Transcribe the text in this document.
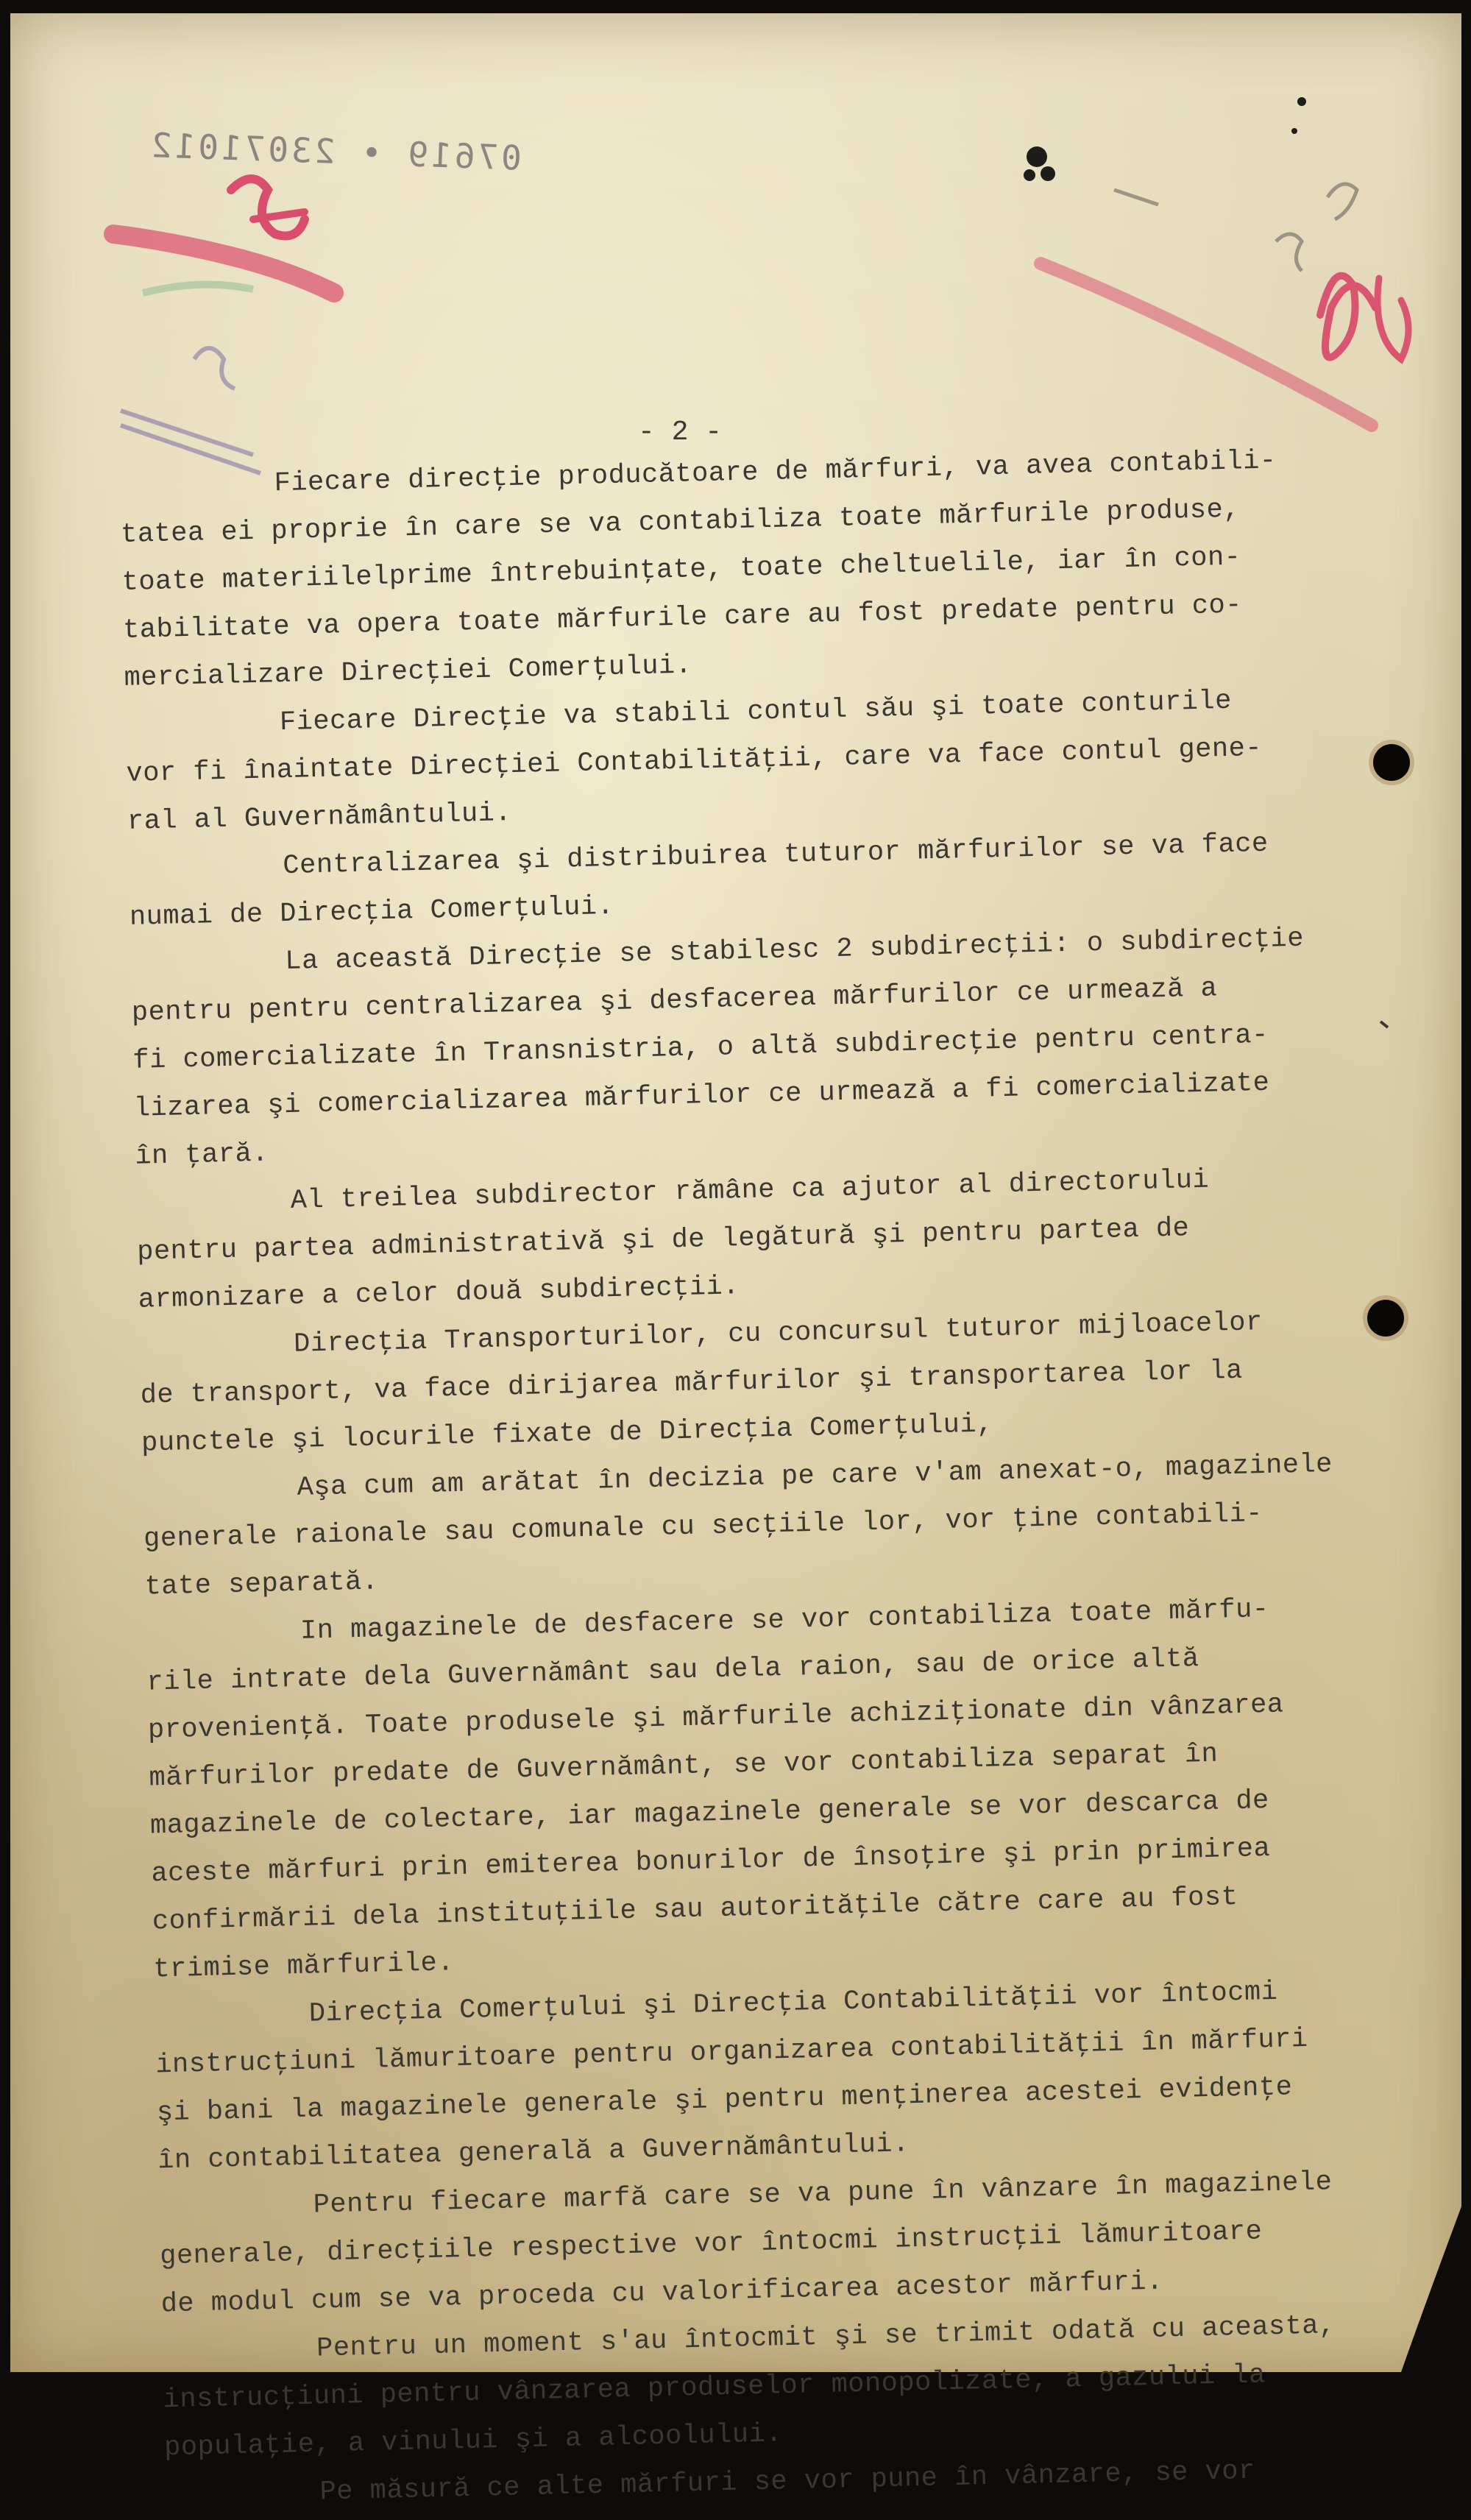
07619 • 23071012
- 2 -
Fiecare direcţie producătoare de mărfuri, va avea contabili-
tatea ei proprie în care se va contabiliza toate mărfurile produse,
toate materiilelprime întrebuinţate, toate cheltuelile, iar în con-
tabilitate va opera toate mărfurile care au fost predate pentru co-
mercializare Direcţiei Comerţului.
Fiecare Direcţie va stabili contul său şi toate conturile
vor fi înaintate Direcţiei Contabilităţii, care va face contul gene-
ral al Guvernământului.
Centralizarea şi distribuirea tuturor mărfurilor se va face
numai de Direcţia Comerţului.
La această Direcţie se stabilesc 2 subdirecţii: o subdirecţie
pentru pentru centralizarea şi desfacerea mărfurilor ce urmează a
fi comercializate în Transnistria, o altă subdirecţie pentru centra-
lizarea şi comercializarea mărfurilor ce urmează a fi comercializate
în ţară.
Al treilea subdirector rămâne ca ajutor al directorului
pentru partea administrativă şi de legătură şi pentru partea de
armonizare a celor două subdirecţii.
Direcţia Transporturilor, cu concursul tuturor mijloacelor
de transport, va face dirijarea mărfurilor şi transportarea lor la
punctele şi locurile fixate de Direcţia Comerţului,
Aşa cum am arătat în decizia pe care v'am anexat-o, magazinele
generale raionale sau comunale cu secţiile lor, vor ţine contabili-
tate separată.
In magazinele de desfacere se vor contabiliza toate mărfu-
rile intrate dela Guvernământ sau dela raion, sau de orice altă
provenienţă. Toate produsele şi mărfurile achiziţionate din vânzarea
mărfurilor predate de Guvernământ, se vor contabiliza separat în
magazinele de colectare, iar magazinele generale se vor descarca de
aceste mărfuri prin emiterea bonurilor de însoţire şi prin primirea
confirmării dela instituţiile sau autorităţile către care au fost
trimise mărfurile.
Direcţia Comerţului şi Direcţia Contabilităţii vor întocmi
instrucţiuni lămuritoare pentru organizarea contabilităţii în mărfuri
şi bani la magazinele generale şi pentru menţinerea acestei evidenţe
în contabilitatea generală a Guvernământului.
Pentru fiecare marfă care se va pune în vânzare în magazinele
generale, direcţiile respective vor întocmi instrucţii lămuritoare
de modul cum se va proceda cu valorificarea acestor mărfuri.
Pentru un moment s'au întocmit şi se trimit odată cu aceasta,
instrucţiuni pentru vânzarea produselor monopolizate, a gazului la
populaţie, a vinului şi a alcoolului.
Pe măsură ce alte mărfuri se vor pune în vânzare, se vor
